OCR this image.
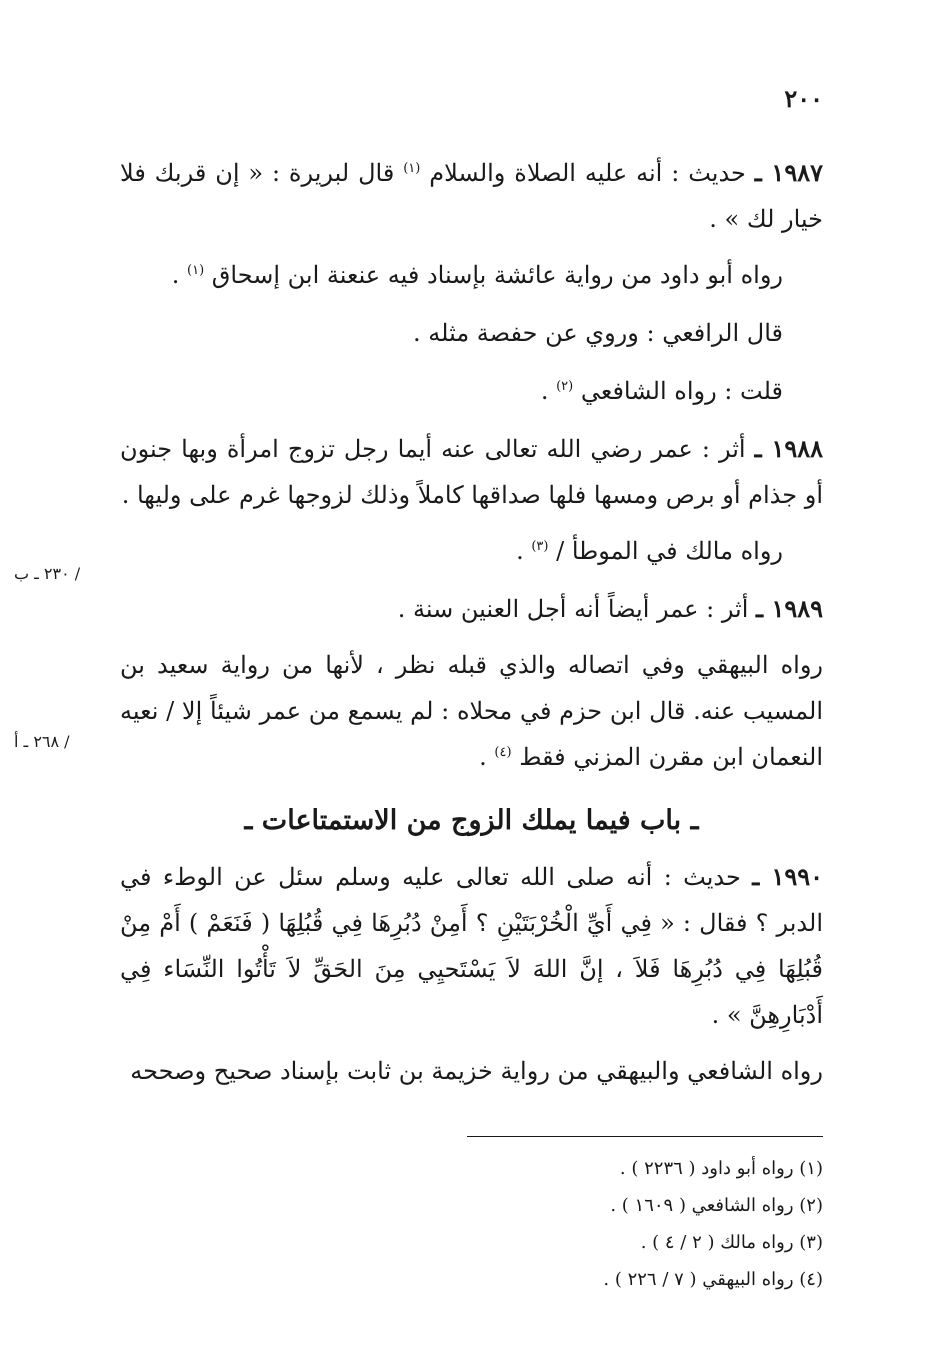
٢٠٠

١٩٨٧ ـ حديث : أنه عليه الصلاة والسلام $^{(١)}$ قال لبريرة : « إن قربك فلا خيار لك » .

رواه أبو داود من رواية عائشة بإسناد فيه عنعنة ابن إسحاق $^{(١)}$ .

قال الرافعي : وروي عن حفصة مثله .

قلت : رواه الشافعي $^{(٢)}$ .

١٩٨٨ ـ أثر : عمر رضي الله تعالى عنه أيما رجل تزوج امرأة وبها جنون أو جذام أو برص ومسها فلها صداقها كاملاً وذلك لزوجها غرم على وليها .

رواه مالك في الموطأ / $^{(٣)}$ .

١٩٨٩ ـ أثر : عمر أيضاً أنه أجل العنين سنة .

رواه البيهقي وفي اتصاله والذي قبله نظر ، لأنها من رواية سعيد بن المسيب عنه. قال ابن حزم في محلاه : لم يسمع من عمر شيئاً إلا / نعيه النعمان ابن مقرن المزني فقط $^{(٤)}$ .

ـ باب فيما يملك الزوج من الاستمتاعات ـ

١٩٩٠ ـ حديث : أنه صلى الله تعالى عليه وسلم سئل عن الوطء في الدبر ؟ فقال : « فِي أَيِّ الْخُرْبَتَيْنِ ؟ أَمِنْ دُبُرِهَا فِي قُبُلِهَا ( فَنَعَمْ ) أَمْ مِنْ قُبُلِهَا فِي دُبُرِهَا فَلاَ ، إنَّ اللهَ لاَ يَسْتَحيِي مِنَ الحَقِّ لاَ تَأْتُوا النِّسَاء فِي أَدْبَارِهِنَّ » .

رواه الشافعي والبيهقي من رواية خزيمة بن ثابت بإسناد صحيح وصححه

/ ٢٣٠ ـ ب
/ ٢٦٨ ـ أ

(١) رواه أبو داود ( ٢٢٣٦ ) .

(٢) رواه الشافعي ( ١٦٠٩ ) .

(٣) رواه مالك ( ٢ / ٤ ) .

(٤) رواه البيهقي ( ٧ / ٢٢٦ ) .
